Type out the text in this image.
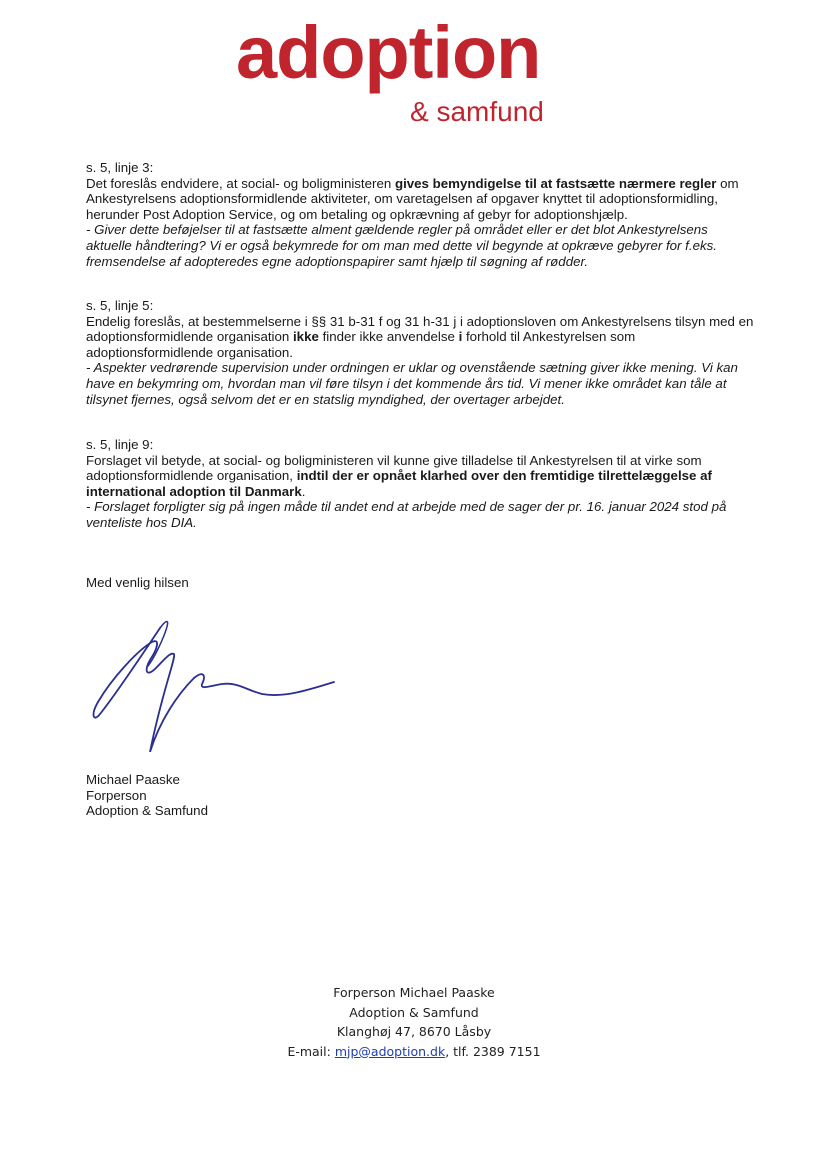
adoption
& samfund

s. 5, linje 3:

Det foreslås endvidere, at social- og boligministeren gives bemyndigelse til at fastsætte nærmere regler om Ankestyrelsens adoptionsformidlende aktiviteter, om varetagelsen af opgaver knyttet til adoptionsformidling, herunder Post Adoption Service, og om betaling og opkrævning af gebyr for adoptionshjælp.

- Giver dette beføjelser til at fastsætte alment gældende regler på området eller er det blot Ankestyrelsens aktuelle håndtering? Vi er også bekymrede for om man med dette vil begynde at opkræve gebyrer for f.eks. fremsendelse af adopteredes egne adoptionspapirer samt hjælp til søgning af rødder.

s. 5, linje 5:

Endelig foreslås, at bestemmelserne i §§ 31 b-31 f og 31 h-31 j i adoptionsloven om Ankestyrelsens tilsyn med en adoptionsformidlende organisation ikke finder ikke anvendelse i forhold til Ankestyrelsen som adoptionsformidlende organisation.

- Aspekter vedrørende supervision under ordningen er uklar og ovenstående sætning giver ikke mening. Vi kan have en bekymring om, hvordan man vil føre tilsyn i det kommende års tid. Vi mener ikke området kan tåle at tilsynet fjernes, også selvom det er en statslig myndighed, der overtager arbejdet.

s. 5, linje 9:

Forslaget vil betyde, at social- og boligministeren vil kunne give tilladelse til Ankestyrelsen til at virke som adoptionsformidlende organisation, indtil der er opnået klarhed over den fremtidige tilrettelæggelse af international adoption til Danmark.

- Forslaget forpligter sig på ingen måde til andet end at arbejde med de sager der pr. 16. januar 2024 stod på venteliste hos DIA.

Med venlig hilsen
Michael Paaske
Forperson
Adoption & Samfund
Forperson Michael Paaske
Adoption & Samfund
Klanghøj 47, 8670 Låsby
E-mail: mjp@adoption.dk, tlf. 2389 7151
